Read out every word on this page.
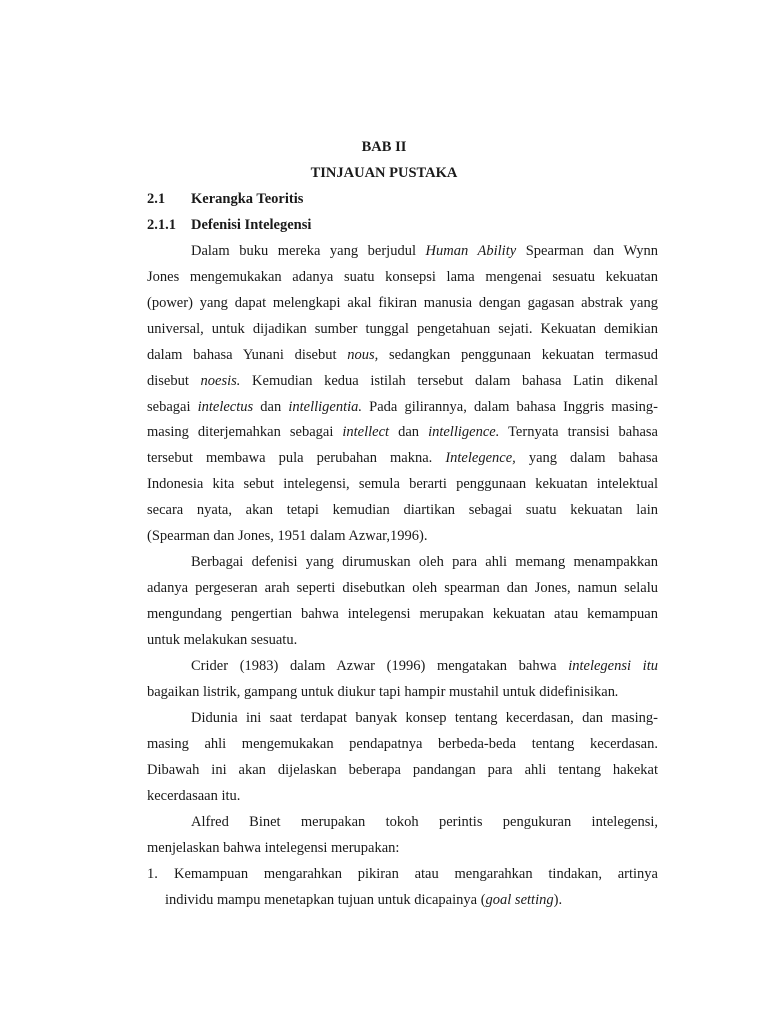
BAB II
TINJAUAN PUSTAKA
2.1 Kerangka Teoritis
2.1.1 Defenisi Intelegensi
Dalam buku mereka yang berjudul Human Ability Spearman dan Wynn
Jones mengemukakan adanya suatu konsepsi lama mengenai sesuatu kekuatan
(power) yang dapat melengkapi akal fikiran manusia dengan gagasan abstrak yang
universal, untuk dijadikan sumber tunggal pengetahuan sejati. Kekuatan demikian
dalam bahasa Yunani disebut nous, sedangkan penggunaan kekuatan termasud
disebut noesis. Kemudian kedua istilah tersebut dalam bahasa Latin dikenal
sebagai intelectus dan intelligentia. Pada gilirannya, dalam bahasa Inggris masing-
masing diterjemahkan sebagai intellect dan intelligence. Ternyata transisi bahasa
tersebut membawa pula perubahan makna. Intelegence, yang dalam bahasa
Indonesia kita sebut intelegensi, semula berarti penggunaan kekuatan intelektual
secara nyata, akan tetapi kemudian diartikan sebagai suatu kekuatan lain
(Spearman dan Jones, 1951 dalam Azwar,1996).
Berbagai defenisi yang dirumuskan oleh para ahli memang menampakkan
adanya pergeseran arah seperti disebutkan oleh spearman dan Jones, namun selalu
mengundang pengertian bahwa intelegensi merupakan kekuatan atau kemampuan
untuk melakukan sesuatu.
Crider (1983) dalam Azwar (1996) mengatakan bahwa intelegensi itu
bagaikan listrik, gampang untuk diukur tapi hampir mustahil untuk didefinisikan.
Didunia ini saat terdapat banyak konsep tentang kecerdasan, dan masing-
masing ahli mengemukakan pendapatnya berbeda-beda tentang kecerdasan.
Dibawah ini akan dijelaskan beberapa pandangan para ahli tentang hakekat
kecerdasaan itu.
Alfred Binet merupakan tokoh perintis pengukuran intelegensi,
menjelaskan bahwa intelegensi merupakan:
1. Kemampuan mengarahkan pikiran atau mengarahkan tindakan, artinya
individu mampu menetapkan tujuan untuk dicapainya (goal setting).
